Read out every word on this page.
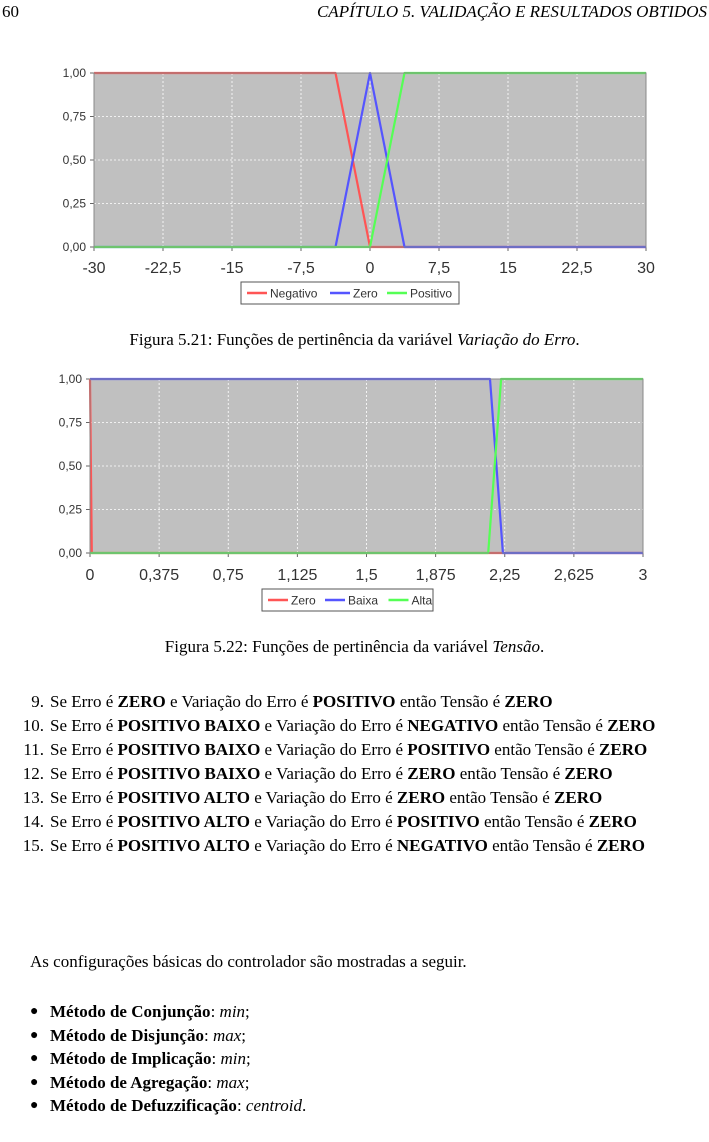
60	CAPÍTULO 5. VALIDAÇÃO E RESULTADOS OBTIDOS
-30 -22,5 -15	-7,5	0	7,5	15	22,5	30
0,00
0,25
0,50
0,75
1,00
Negativo	Zero	Positivo
Figura 5.21: Funções de pertinência da variável Variação do Erro.
0	0,375 0,75 1,125 1,5 1,875 2,25 2,625	3
0,00
0,25
0,50
0,75
1,00
Zero	Baixa	Alta
Figura 5.22: Funções de pertinência da variável Tensão.
9. Se Erro é ZERO e Variação do Erro é POSITIVO então Tensão é ZERO
10. Se Erro é POSITIVO BAIXO e Variação do Erro é NEGATIVO então Tensão é ZERO
11. Se Erro é POSITIVO BAIXO e Variação do Erro é POSITIVO então Tensão é ZERO
12. Se Erro é POSITIVO BAIXO e Variação do Erro é ZERO então Tensão é ZERO
13. Se Erro é POSITIVO ALTO e Variação do Erro é ZERO então Tensão é ZERO
14. Se Erro é POSITIVO ALTO e Variação do Erro é POSITIVO então Tensão é ZERO
15. Se Erro é POSITIVO ALTO e Variação do Erro é NEGATIVO então Tensão é ZERO
As configurações básicas do controlador são mostradas a seguir.
● Método de Conjunção: min;
● Método de Disjunção: max;
● Método de Implicação: min;
● Método de Agregação: max;
● Método de Defuzzificação: centroid.
